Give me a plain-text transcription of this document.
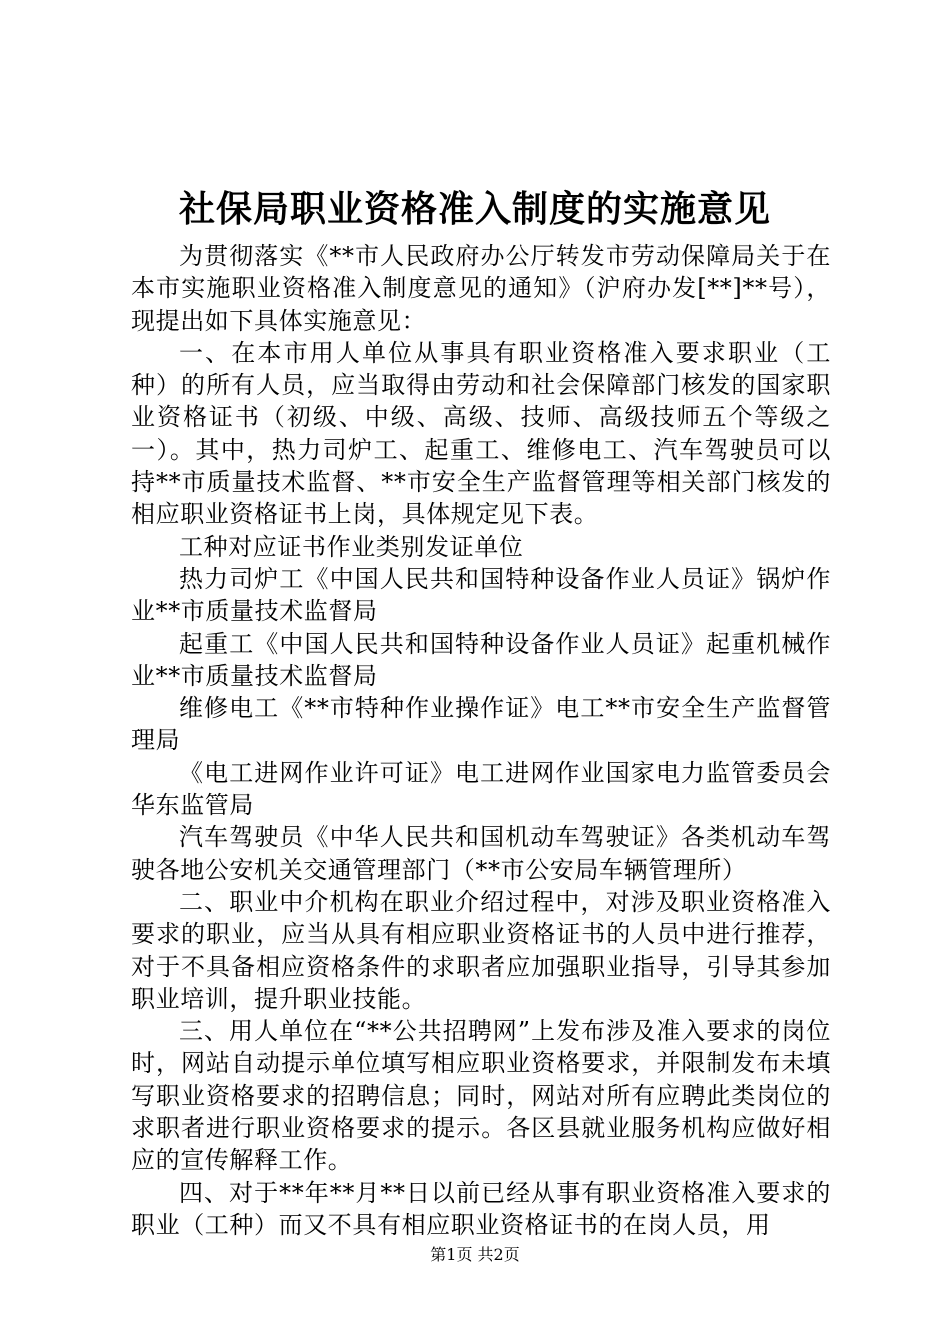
社保局职业资格准入制度的实施意见

为贯彻落实《**市人民政府办公厅转发市劳动保障局关于在本市实施职业资格准入制度意见的通知》（沪府办发[**]**号），现提出如下具体实施意见：

一、在本市用人单位从事具有职业资格准入要求职业（工种）的所有人员，应当取得由劳动和社会保障部门核发的国家职业资格证书（初级、中级、高级、技师、高级技师五个等级之一）。其中，热力司炉工、起重工、维修电工、汽车驾驶员可以持**市质量技术监督、**市安全生产监督管理等相关部门核发的相应职业资格证书上岗，具体规定见下表。

工种对应证书作业类别发证单位

热力司炉工《中国人民共和国特种设备作业人员证》锅炉作业**市质量技术监督局

起重工《中国人民共和国特种设备作业人员证》起重机械作业**市质量技术监督局

维修电工《**市特种作业操作证》电工**市安全生产监督管理局

《电工进网作业许可证》电工进网作业国家电力监管委员会华东监管局

汽车驾驶员《中华人民共和国机动车驾驶证》各类机动车驾驶各地公安机关交通管理部门（**市公安局车辆管理所）

二、职业中介机构在职业介绍过程中，对涉及职业资格准入要求的职业，应当从具有相应职业资格证书的人员中进行推荐，对于不具备相应资格条件的求职者应加强职业指导，引导其参加职业培训，提升职业技能。

三、用人单位在“**公共招聘网”上发布涉及准入要求的岗位时，网站自动提示单位填写相应职业资格要求，并限制发布未填写职业资格要求的招聘信息；同时，网站对所有应聘此类岗位的求职者进行职业资格要求的提示。各区县就业服务机构应做好相应的宣传解释工作。

四、对于**年**月**日以前已经从事有职业资格准入要求的职业（工种）而又不具有相应职业资格证书的在岗人员，用

第1页 共2页
